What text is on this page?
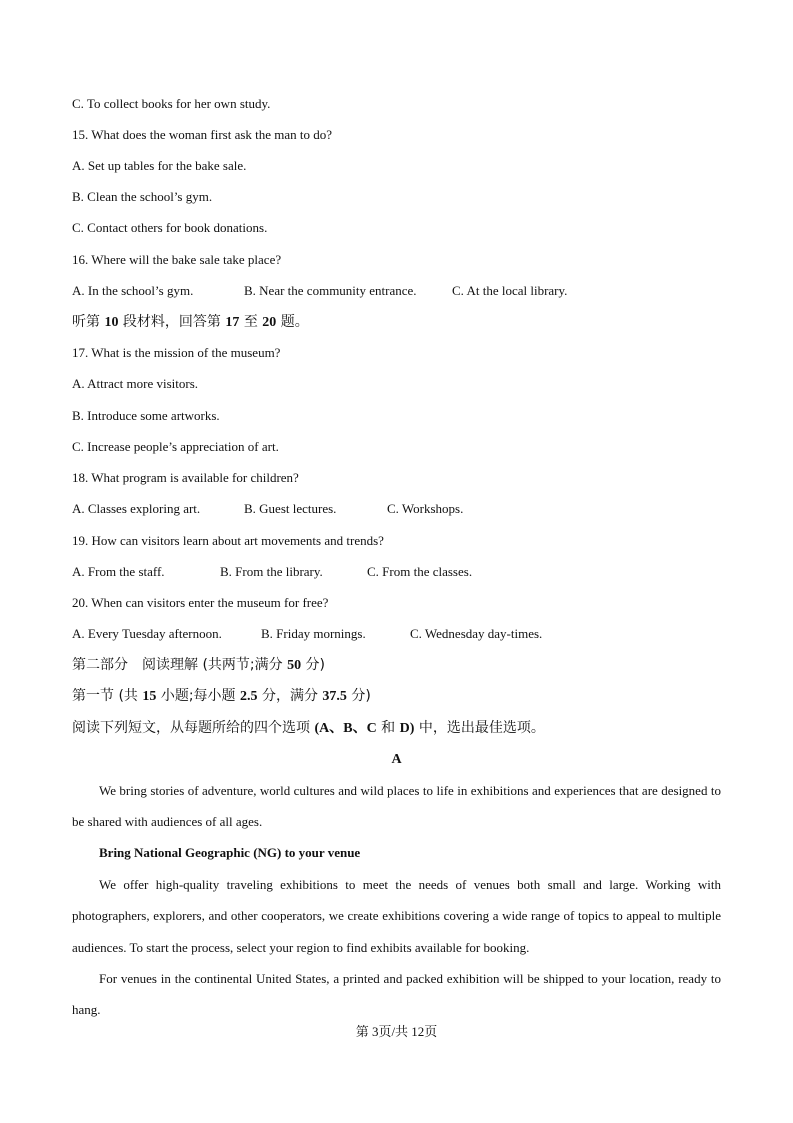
C. To collect books for her own study.
15. What does the woman first ask the man to do?
A. Set up tables for the bake sale.
B. Clean the school’s gym.
C. Contact others for book donations.
16. Where will the bake sale take place?
A. In the school’s gym.	B. Near the community entrance.	C. At the local library.
听第 10 段材料，回答第 17 至 20 题。
17. What is the mission of the museum?
A. Attract more visitors.
B. Introduce some artworks.
C. Increase people’s appreciation of art.
18. What program is available for children?
A. Classes exploring art.	B. Guest lectures.	C. Workshops.
19. How can visitors learn about art movements and trends?
A. From the staff.	B. From the library.	C. From the classes.
20. When can visitors enter the museum for free?
A. Every Tuesday afternoon.	B. Friday mornings.	C. Wednesday day-times.
第二部分　阅读理解 (共两节;满分 50 分)
第一节 (共 15 小题;每小题 2.5 分，满分 37.5 分)
阅读下列短文，从每题所给的四个选项 (A、B、C 和 D) 中，选出最佳选项。
A

We bring stories of adventure, world cultures and wild places to life in exhibitions and experiences that are designed to be shared with audiences of all ages.

Bring National Geographic (NG) to your venue

We offer high-quality traveling exhibitions to meet the needs of venues both small and large. Working with photographers, explorers, and other cooperators, we create exhibitions covering a wide range of topics to appeal to multiple audiences. To start the process, select your region to find exhibits available for booking.

For venues in the continental United States, a printed and packed exhibition will be shipped to your location, ready to hang.

第 3页/共 12页
